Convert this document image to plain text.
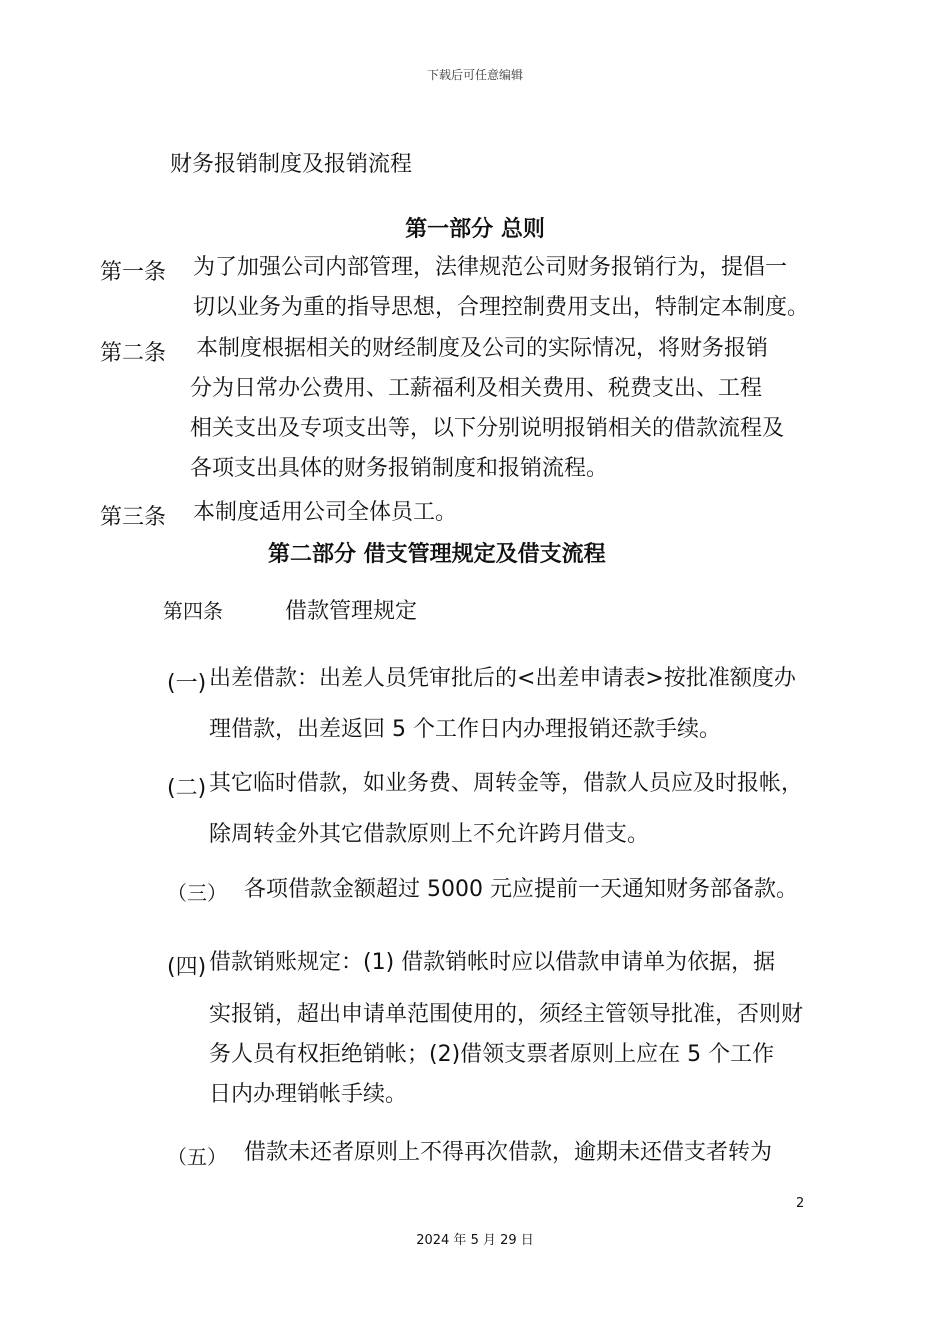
下载后可任意编辑
财务报销制度及报销流程
第一部分 总则
第一条 为了加强公司内部管理，法律规范公司财务报销行为，提倡一
切以业务为重的指导思想，合理控制费用支出，特制定本制度。
第二条 本制度根据相关的财经制度及公司的实际情况，将财务报销
分为日常办公费用、工薪福利及相关费用、税费支出、工程
相关支出及专项支出等，以下分别说明报销相关的借款流程及
各项支出具体的财务报销制度和报销流程。
第三条 本制度适用公司全体员工。
第二部分 借支管理规定及借支流程
第四条	借款管理规定
(一) 出差借款：出差人员凭审批后的<出差申请表>按批准额度办
理借款，出差返回 5 个工作日内办理报销还款手续。
(二) 其它临时借款，如业务费、周转金等，借款人员应及时报帐，
除周转金外其它借款原则上不允许跨月借支。
（三） 各项借款金额超过 5000 元应提前一天通知财务部备款。
(四) 借款销账规定：(1) 借款销帐时应以借款申请单为依据，据
实报销，超出申请单范围使用的，须经主管领导批准，否则财
务人员有权拒绝销帐；(2)借领支票者原则上应在 5 个工作
日内办理销帐手续。
（五） 借款未还者原则上不得再次借款，逾期未还借支者转为
2
2024 年 5 月 29 日
